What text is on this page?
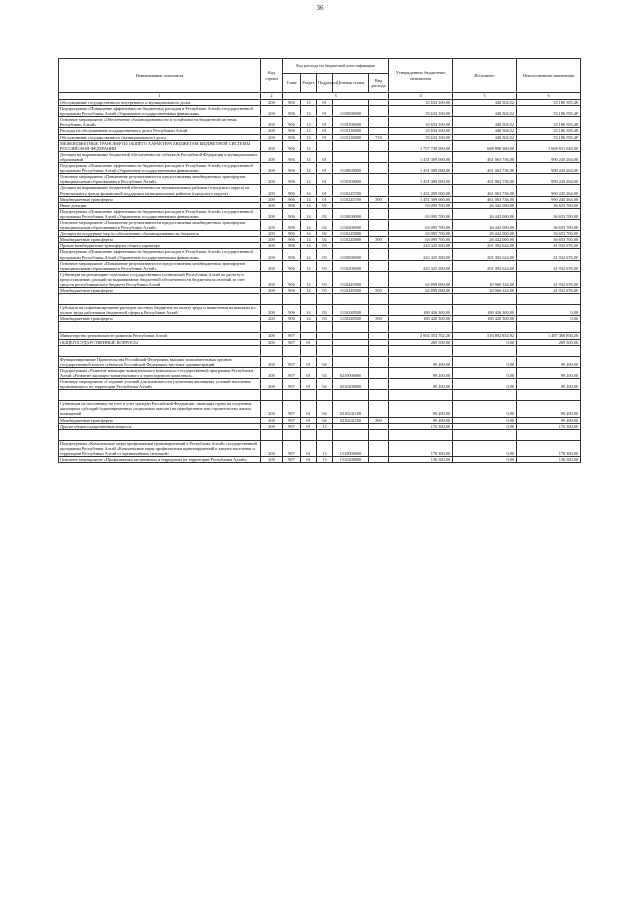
36
Наименование показателя	Код строки	Код расхода по бюджетной классификации					Утвержденные бюджетные назначения	Исполнено	Неисполненные назначения
		Глава	Раздел	Подраздел	Целевая статья	Вид расхода			
1	2	3					4	5	6
Обслуживание государственного внутреннего и муниципального долга	200	906	13	01			35 633 100,00	446 504,52	35 186 595,48
Подпрограмма «Повышение эффективности бюджетных расходов в Республике Алтай» государственной программы Республики Алтай «Управление государственными финансами»	200	906	13	01	1110000000		35 633 100,00	446 504,52	35 186 595,48
Основное мероприятие «Обеспечение сбалансированности и устойчивости бюджетной системы Республики Алтай»	200	906	13	01	1110100000		35 633 100,00	446 504,52	35 186 595,48
Расходы на обслуживание государственного долга Республики Алтай	200	906	13	01	1110130000		35 633 100,00	446 504,52	35 186 595,48
Обслуживание государственного (муниципального) долга	200	906	13	01	1110130000	710	35 633 100,00	446 504,52	35 186 595,48
МЕЖБЮДЖЕТНЫЕ ТРАНСФЕРТЫ ОБЩЕГО ХАРАКТЕРА БЮДЖЕТАМ БЮДЖЕТНОЙ СИСТЕМЫ РОССИЙСКОЙ ФЕДЕРАЦИИ	200	906	14				1 757 730 000,00	688 898 360,00	1 068 831 640,00
Дотации на выравнивание бюджетной обеспеченности субъектов Российской Федерации и муниципальных образований	200	906	14	01			1 451 309 000,00	461 063 736,00	990 245 264,00
Подпрограмма «Повышение эффективности бюджетных расходов в Республике Алтай» государственной программы Республики Алтай «Управление государственными финансами»	200	906	14	01	1110000000		1 451 309 000,00	461 063 736,00	990 245 264,00
Основное мероприятие «Повышение результативности предоставления межбюджетных трансфертов муниципальным образованиям в Республике Алтай»	200	906	14	01	1110200000		1 451 309 000,00	461 063 736,00	990 245 264,00
Дотации на выравнивание бюджетной обеспеченности муниципальных районов (городского округа) из Регионального фонда финансовой поддержки муниципальных районов (городского округа)	200	906	14	01	1110245700		1 451 309 000,00	461 063 736,00	990 245 264,00
Межбюджетные трансферты	200	906	14	01	1110245700	500	1 451 309 000,00	461 063 736,00	990 245 264,00
Иные дотации	200	906	14	02			63 095 700,00	26 442 000,00	36 653 700,00
Подпрограмма «Повышение эффективности бюджетных расходов в Республике Алтай» государственной программы Республики Алтай «Управление государственными финансами»	200	906	14	02	1110000000		63 095 700,00	26 442 000,00	36 653 700,00
Основное мероприятие «Повышение результативности предоставления межбюджетных трансфертов муниципальным образованиям в Республике Алтай»	200	906	14	02	1110200000		63 095 700,00	26 442 000,00	36 653 700,00
Дотации на поддержку мер по обеспечению сбалансированности бюджетов	200	906	14	02	1110245800		63 095 700,00	26 442 000,00	36 653 700,00
Межбюджетные трансферты	200	906	14	02	1110245800	500	63 095 700,00	26 442 000,00	36 653 700,00
Прочие межбюджетные трансферты общего характера	200	906	14	03			243 325 300,00	201 392 624,00	41 932 676,00
Подпрограмма «Повышение эффективности бюджетных расходов в Республике Алтай» государственной программы Республики Алтай «Управление государственными финансами»	200	906	14	03	1110000000		243 325 300,00	201 392 624,00	41 932 676,00
Основное мероприятие «Повышение результативности предоставления межбюджетных трансфертов муниципальным образованиям в Республике Алтай»	200	906	14	03	1110200000		243 325 300,00	201 392 624,00	41 932 676,00
Субвенции на реализацию отдельных государственных полномочий Республики Алтай по расчету и предоставлению дотаций на выравнивание бюджетной обеспеченности бюджетам поселений за счет средств республиканского бюджета Республики Алтай	200	906	14	03	1110245900		62 899 000,00	20 966 334,00	41 932 676,00
Межбюджетные трансферты	200	906	14	03	1110245900	500	62 899 000,00	20 966 324,00	41 932 676,00

Субсидии на софинансирование расходов местных бюджетов на оплату труда и начисления на выплаты по оплате труда работников бюджетной сферы в Республике Алтай	200	906	14	03	1110248500		180 426 300,00	180 426 300,00	0,00
Межбюджетные трансферты	200	906	14	03	1110248500	500	180 426 300,00	180 426 300,00	0,00

Министерство регионального развития Республики Алтай	200	907					2 004 353 702,20	516 892 854,92	1 487 460 850,28
ОБЩЕГОСУДАРСТВЕННЫЕ ВОПРОСЫ	200	907	01				269 500,00	0,00	269 500,00

Функционирование Правительства Российской Федерации, высших исполнительных органов государственной власти субъектов Российской Федерации, местных администраций	200	907	01	04			99 200,00	0,00	99 200,00
Подпрограмма «Развитие жилищно-коммунального комплекса» государственной программы Республики Алтай «Развитие жилищно-коммунального и транспортного комплекса»	200	907	01	04	0210000000		99 200,00	0,00	99 200,00
Основное мероприятие «Создание условий для возможности улучшения жилищных условий населения, проживающего на территории Республики Алтай»	200	907	01	04	0210200000		99 200,00	0,00	99 200,00

Субвенции на постановку на учет и учет граждан Российской Федерации, имеющих право на получение жилищных субсидий (единовременных социальных выплат) на приобретение или строительство жилых помещений	200	907	01	04	0210241100		99 200,00	0,00	99 200,00
Межбюджетные трансферты	200	907	01	04	0210241100	500	99 200,00	0,00	99 200,00
Другие общегосударственные вопросы	200	907	01	13			170 300,00	0,00	170 300,00

Подпрограмма «Комплексные меры профилактики правонарушений в Республике Алтай» государственной программы Республики Алтай «Комплексные меры профилактики правонарушений и защита населения и территории Республики Алтай от чрезвычайных ситуаций»	200	907	01	13	1510000000		170 300,00	0,00	170 300,00
Основное мероприятие «Профилактика экстремизма и терроризма на территории Республики Алтай»	200	907	01	13	1510200000		130 300,00	0,00	130 300,00
